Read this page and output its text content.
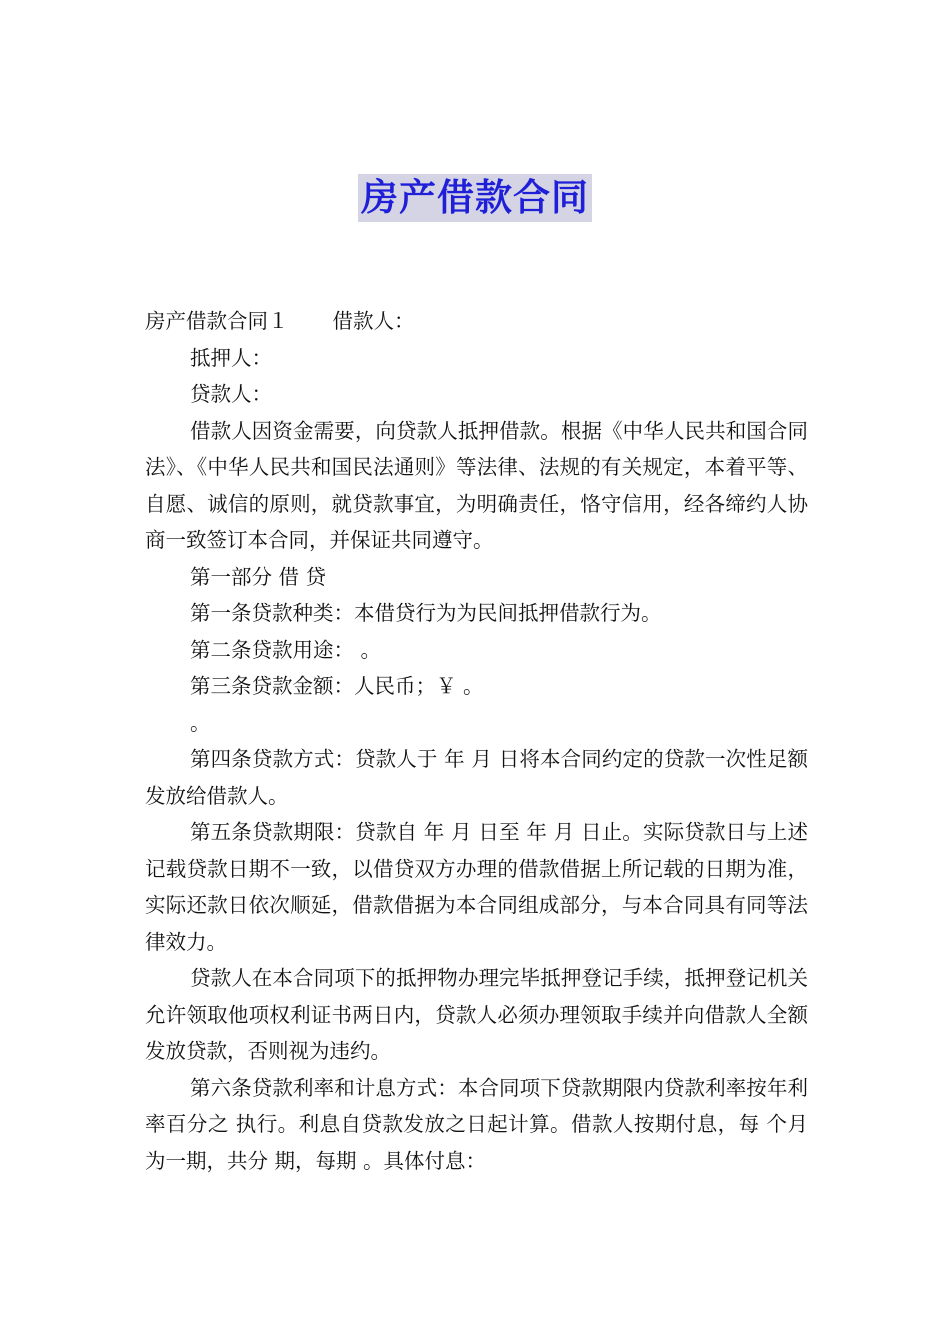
房产借款合同

房产借款合同１ 借款人：

抵押人：

贷款人：

借款人因资金需要，向贷款人抵押借款。根据《中华人民共和国合同法》、《中华人民共和国民法通则》等法律、法规的有关规定，本着平等、自愿、诚信的原则，就贷款事宜，为明确责任，恪守信用，经各缔约人协商一致签订本合同，并保证共同遵守。

第一部分 借 贷

第一条贷款种类：本借贷行为为民间抵押借款行为。

第二条贷款用途： 。

第三条贷款金额：人民币；￥ 。

。

第四条贷款方式：贷款人于 年 月 日将本合同约定的贷款一次性足额发放给借款人。

第五条贷款期限：贷款自 年 月 日至 年 月 日止。实际贷款日与上述记载贷款日期不一致，以借贷双方办理的借款借据上所记载的日期为准，实际还款日依次顺延，借款借据为本合同组成部分，与本合同具有同等法律效力。

贷款人在本合同项下的抵押物办理完毕抵押登记手续，抵押登记机关允许领取他项权利证书两日内，贷款人必须办理领取手续并向借款人全额发放贷款，否则视为违约。

第六条贷款利率和计息方式：本合同项下贷款期限内贷款利率按年利率百分之 执行。利息自贷款发放之日起计算。借款人按期付息，每 个月为一期，共分 期，每期 。具体付息：
